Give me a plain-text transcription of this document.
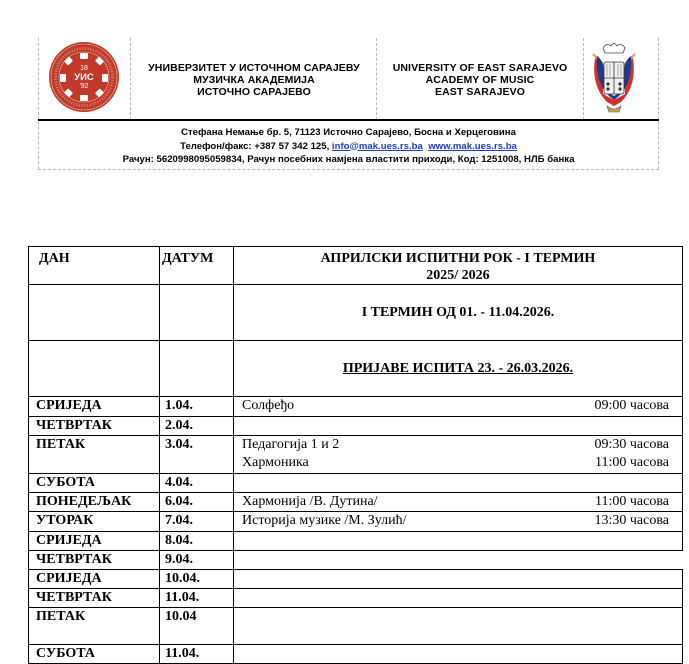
18
УИС
'92
УНИВЕРЗИТЕТ У ИСТОЧНОМ САРАЈЕВУ
МУЗИЧКА АКАДЕМИЈА
ИСТОЧНО САРАЈЕВО
UNIVERSITY OF EAST SARAJEVO
ACADEMY OF MUSIC
EAST SARAJEVO
Стефана Немање бр. 5, 71123 Источно Сарајево, Босна и Херцеговина
Телефон/факс: +387 57 342 125, info@mak.ues.rs.ba www.mak.ues.rs.ba
Рачун: 5620998095059834, Рачун посебних намјена властити приходи, Код: 1251008, НЛБ банка
ДАН	ДАТУМ	АПРИЛСКИ ИСПИТНИ РОК - I ТЕРМИН
2025/ 2026

		I ТЕРМИН ОД 01. - 11.04.2026.
		ПРИЈАВЕ ИСПИТА 23. - 26.03.2026.
СРИЈЕДА	1.04.	Солфеђо 09:00 часова

ЧЕТВРТАК	2.04.	
ПЕТАК	3.04.	Педагогија 1 и 2 09:30 часова
Хармоника 11:00 часова

СУБОТА	4.04.	
ПОНЕДЕЉАК	6.04.	Хармонија /В. Дутина/ 11:00 часова

УТОРАК	7.04.	Историја музике /М. Зулић/ 13:30 часова

СРИЈЕДА	8.04.	
ЧЕТВРТАК	9.04.	
СРИЈЕДА	10.04.	
ЧЕТВРТАК	11.04.	
ПЕТАК	10.04	
СУБОТА	11.04.	
